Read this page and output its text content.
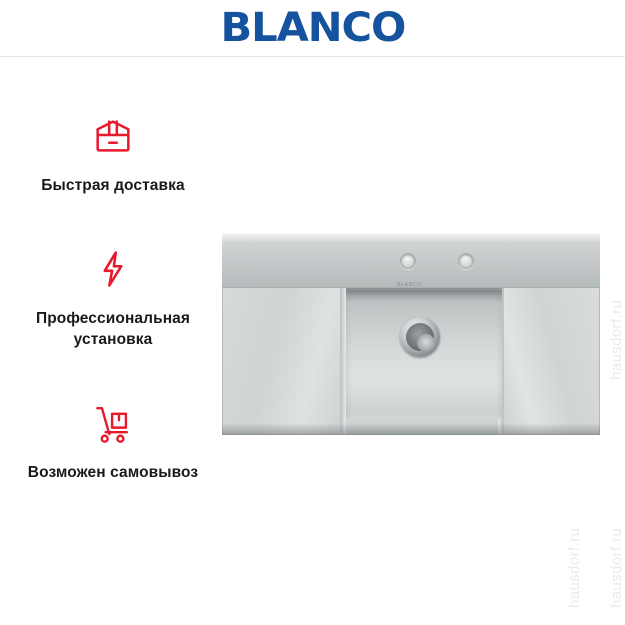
BLANCO
Быстрая доставка
Профессиональная установка
Возможен самовывоз
BLANCO
hausdorf.ru
hausdorf.ru hausdorf.ru
